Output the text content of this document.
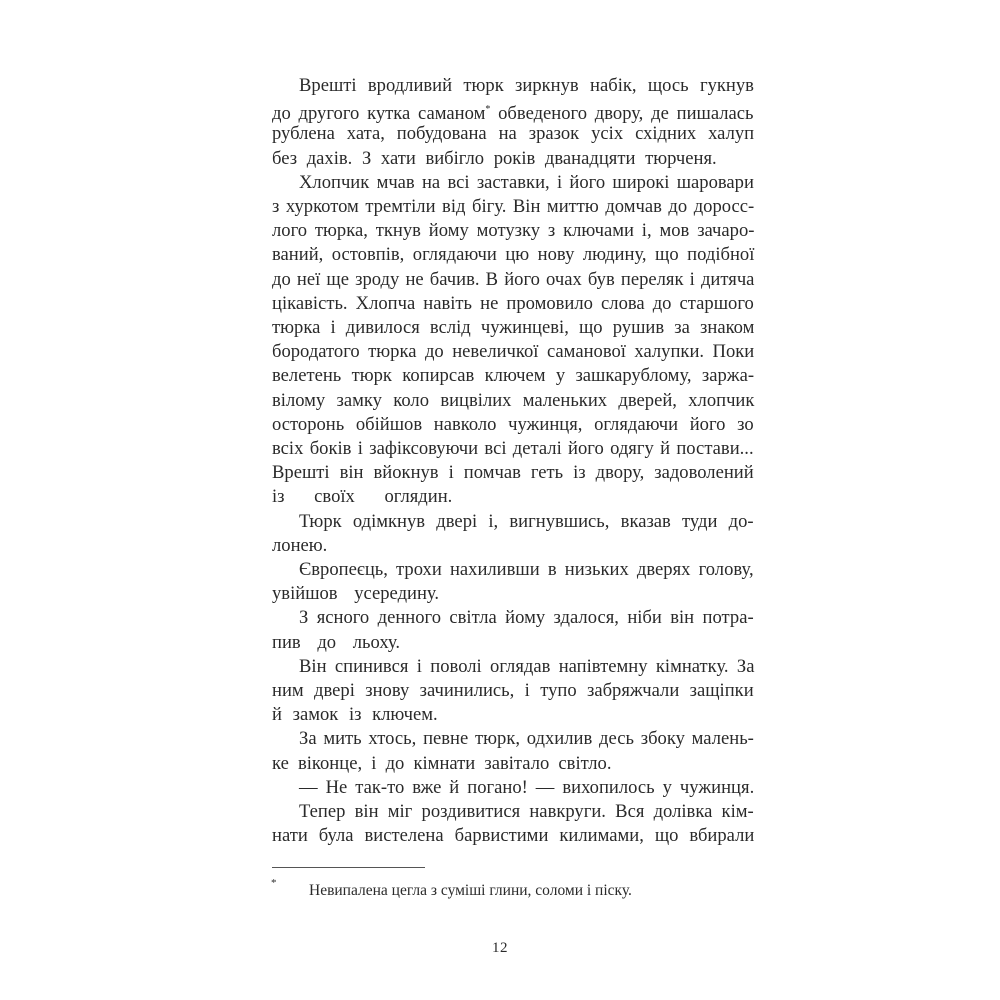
Врешті вродливий тюрк зиркнув набік, щось гукнув
до другого кутка саманом* обведеного двору, де пишалась
рублена хата, побудована на зразок усіх східних халуп
без дахів. З хати вибігло років дванадцяти тюрченя.
Хлопчик мчав на всі заставки, і його широкі шаровари
з хуркотом тремтіли від бігу. Він миттю домчав до доросс-
лого тюрка, ткнув йому мотузку з ключами і, мов зачаро-
ваний, остовпів, оглядаючи цю нову людину, що подібної
до неї ще зроду не бачив. В його очах був переляк і дитяча
цікавість. Хлопча навіть не промовило слова до старшого
тюрка і дивилося вслід чужинцеві, що рушив за знаком
бородатого тюрка до невеличкої саманової халупки. Поки
велетень тюрк копирсав ключем у зашкарублому, заржа-
вілому замку коло вицвілих маленьких дверей, хлопчик
осторонь обійшов навколо чужинця, оглядаючи його зо
всіх боків і зафіксовуючи всі деталі його одягу й постави...
Врешті він вйокнув і помчав геть із двору, задоволений
із своїх оглядин.
Тюрк одімкнув двері і, вигнувшись, вказав туди до-
лонею.
Європеєць, трохи нахиливши в низьких дверях голову,
увійшов усередину.
З ясного денного світла йому здалося, ніби він потра-
пив до льоху.
Він спинився і поволі оглядав напівтемну кімнатку. За
ним двері знову зачинились, і тупо забряжчали защіпки
й замок із ключем.
За мить хтось, певне тюрк, одхилив десь збоку малень-
ке віконце, і до кімнати завітало світло.
— Не так-то вже й погано! — вихопилось у чужинця.
Тепер він міг роздивитися навкруги. Вся долівка кім-
нати була вистелена барвистими килимами, що вбирали
* Невипалена цегла з суміші глини, соломи і піску.
12
